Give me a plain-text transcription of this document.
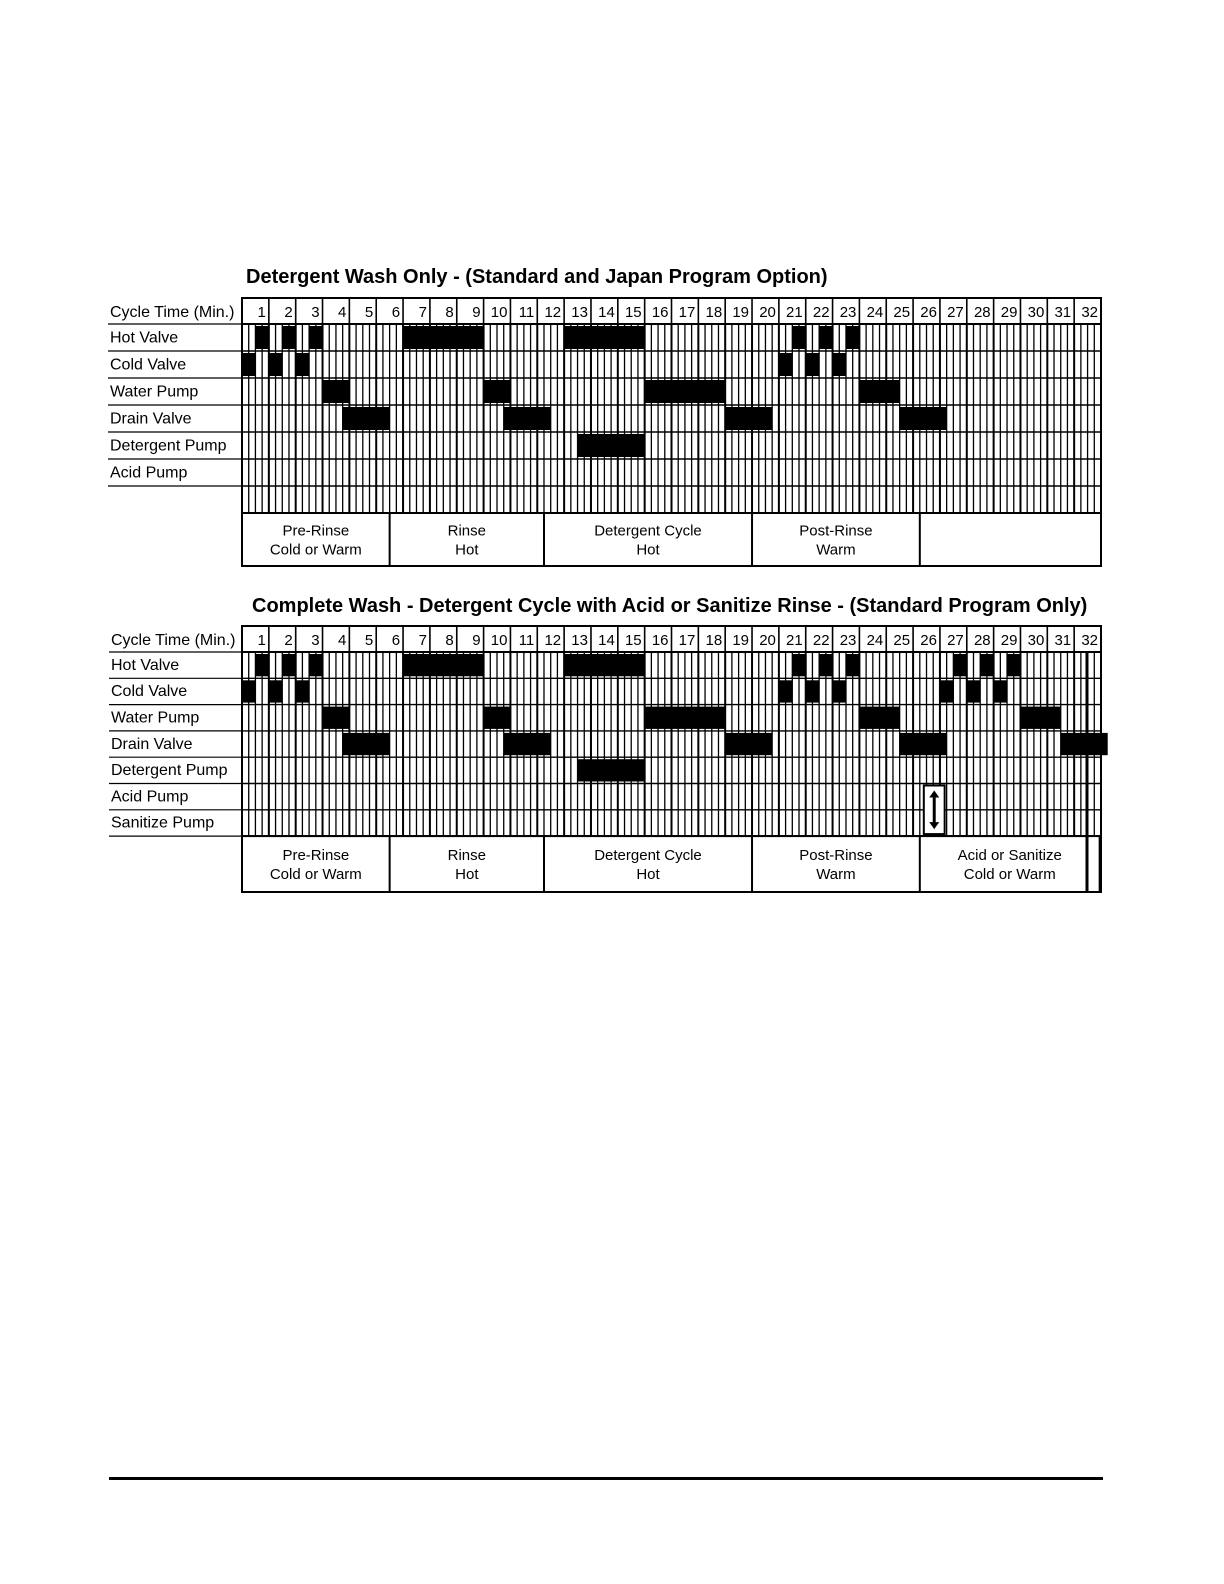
Detergent Wash Only - (Standard and Japan Program Option)
Cycle Time (Min.) 1 2 3 4 5 6 7 8 9 10 11 12 13 14 15 16 17 18 19 20 21 22 23 24 25 26 27 28 29 30 31 32
Hot Valve
Cold Valve
Water Pump
Drain Valve
Detergent Pump
Acid Pump
Pre-Rinse
Cold or Warm
Rinse
Hot
Detergent Cycle
Hot
Post-Rinse
Warm
Complete Wash - Detergent Cycle with Acid or Sanitize Rinse - (Standard Program Only)
Cycle Time (Min.) 1 2 3 4 5 6 7 8 9 10 11 12 13 14 15 16 17 18 19 20 21 22 23 24 25 26 27 28 29 30 31 32
Hot Valve
Cold Valve
Water Pump
Drain Valve
Detergent Pump
Acid Pump
Sanitize Pump
Pre-Rinse
Cold or Warm
Rinse
Hot
Detergent Cycle
Hot
Post-Rinse
Warm
Acid or Sanitize
Cold or Warm
